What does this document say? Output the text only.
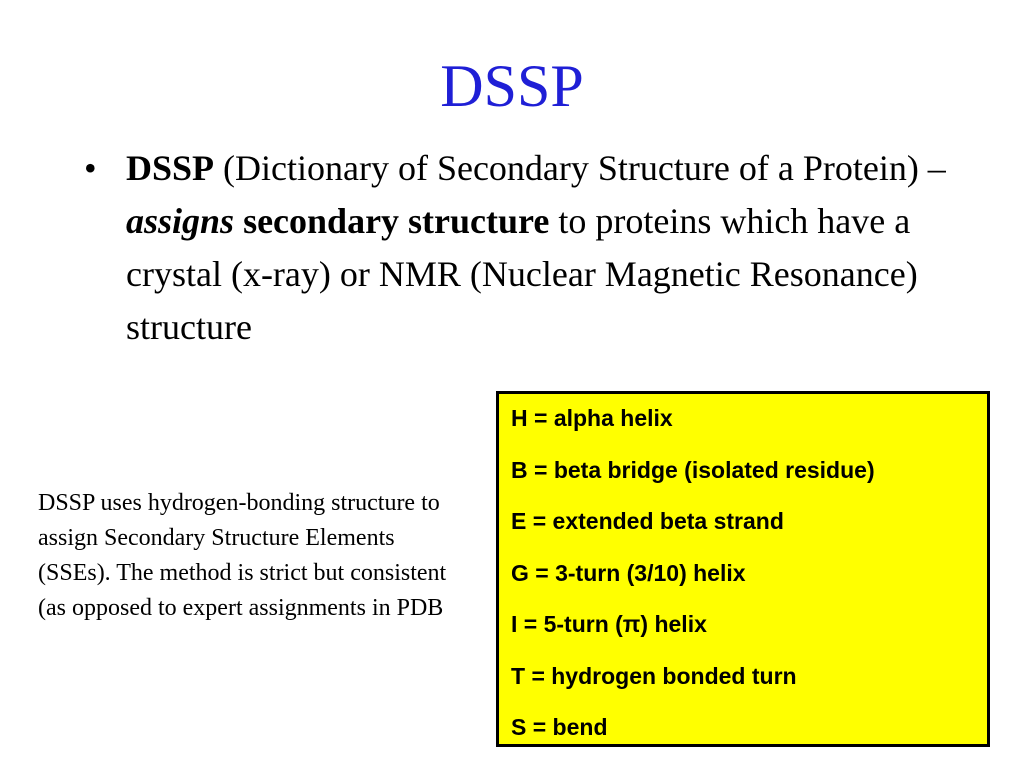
DSSP
• DSSP (Dictionary of Secondary Structure of a Protein) – assigns secondary structure to proteins which have a crystal (x-ray) or NMR (Nuclear Magnetic Resonance) structure
DSSP uses hydrogen-bonding structure to assign Secondary Structure Elements (SSEs). The method is strict but consistent (as opposed to expert assignments in PDB
H = alpha helix
B = beta bridge (isolated residue)
E = extended beta strand
G = 3-turn (3/10) helix
I = 5-turn (π) helix
T = hydrogen bonded turn
S = bend
